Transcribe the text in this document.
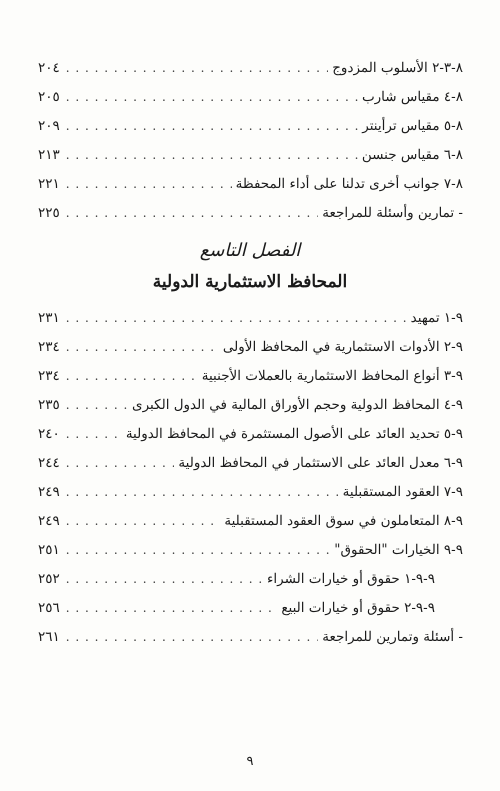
٨-٣-٢ الأسلوب المزدوج
. . .
٢٠٤
٨-٤ مقياس شارب
. . .
٢٠٥
٨-٥ مقياس ترأينتر
. . .
٢٠٩
٨-٦ مقياس جنسن
. . .
٢١٣
٨-٧ جوانب أخرى تدلنا على أداء المحفظة
. . .
٢٢١
- تمارين وأسئلة للمراجعة
. . .
٢٢٥
الفصل التاسع
المحافظ الاستثمارية الدولية
٩-١ تمهيد
. . .
٢٣١
٩-٢ الأدوات الاستثمارية في المحافظ الأولى
. . .
٢٣٤
٩-٣ أنواع المحافظ الاستثمارية بالعملات الأجنبية
. . .
٢٣٤
٩-٤ المحافظ الدولية وحجم الأوراق المالية في الدول الكبرى
. . .
٢٣٥
٩-٥ تحديد العائد على الأصول المستثمرة في المحافظ الدولية
. . .
٢٤٠
٩-٦ معدل العائد على الاستثمار في المحافظ الدولية
. . .
٢٤٤
٩-٧ العقود المستقبلية
. . .
٢٤٩
٩-٨ المتعاملون في سوق العقود المستقبلية
. . .
٢٤٩
٩-٩ الخيارات "الحقوق"
. . .
٢٥١
٩-٩-١ حقوق أو خيارات الشراء
. . .
٢٥٢
٩-٩-٢ حقوق أو خيارات البيع
. . .
٢٥٦
- أسئلة وتمارين للمراجعة
. . .
٢٦١
٩
